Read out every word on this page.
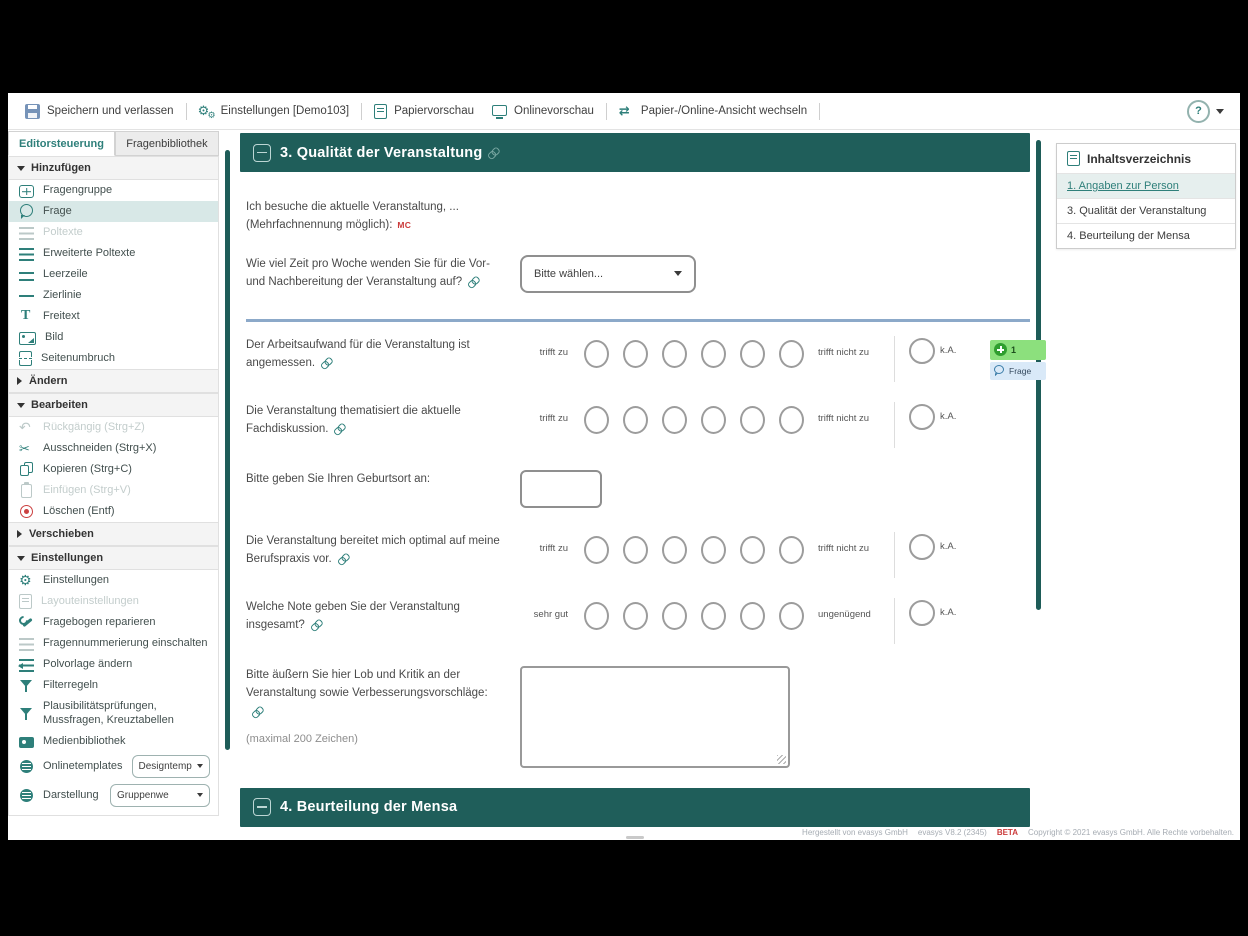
Speichern und verlassen ⚙ ⚙	Einstellungen [Demo103]	Papiervorschau	Onlinevorschau ⇄	Papier-/Online-Ansicht wechseln	?
Editorsteuerung	Fragenbibliothek
Hinzufügen
Fragengruppe
Frage
Poltexte
Erweiterte Poltexte
Leerzeile
Zierlinie
T
Freitext
Bild
Seitenumbruch
Ändern
Bearbeiten
↶
Rückgängig (Strg+Z)
✂
Ausschneiden (Strg+X)
Kopieren (Strg+C)
Einfügen (Strg+V)
Löschen (Entf)
Verschieben
Einstellungen
⚙
Einstellungen
Layouteinstellungen
Fragebogen reparieren
Fragennummerierung einschalten
Polvorlage ändern
Filterregeln
Plausibilitätsprüfungen, Mussfragen, Kreuztabellen
Medienbibliothek
Onlinetemplates Designtemp
Darstellung Gruppenwe
3. Qualität der Veranstaltung
Ich besuche die aktuelle Veranstaltung, ...
(Mehrfachnennung möglich): MC
Wie viel Zeit pro Woche wenden Sie für die Vor- und Nachbereitung der Veranstaltung auf?
Bitte wählen...
Der Arbeitsaufwand für die Veranstaltung ist angemessen.
trifft zu	trifft nicht zu	k.A.	1
Frage
Die Veranstaltung thematisiert die aktuelle Fachdiskussion.
trifft zu	trifft nicht zu	k.A.
Bitte geben Sie Ihren Geburtsort an:
Die Veranstaltung bereitet mich optimal auf meine Berufspraxis vor.
trifft zu	trifft nicht zu	k.A.
Welche Note geben Sie der Veranstaltung insgesamt?
sehr gut	ungenügend	k.A.
Bitte äußern Sie hier Lob und Kritik an der Veranstaltung sowie Verbesserungsvorschläge:
(maximal 200 Zeichen)
4. Beurteilung der Mensa
Inhaltsverzeichnis
1. Angaben zur Person
3. Qualität der Veranstaltung
4. Beurteilung der Mensa
Hergestellt von evasys GmbH evasys V8.2 (2345) BETA Copyright © 2021 evasys GmbH. Alle Rechte vorbehalten.
